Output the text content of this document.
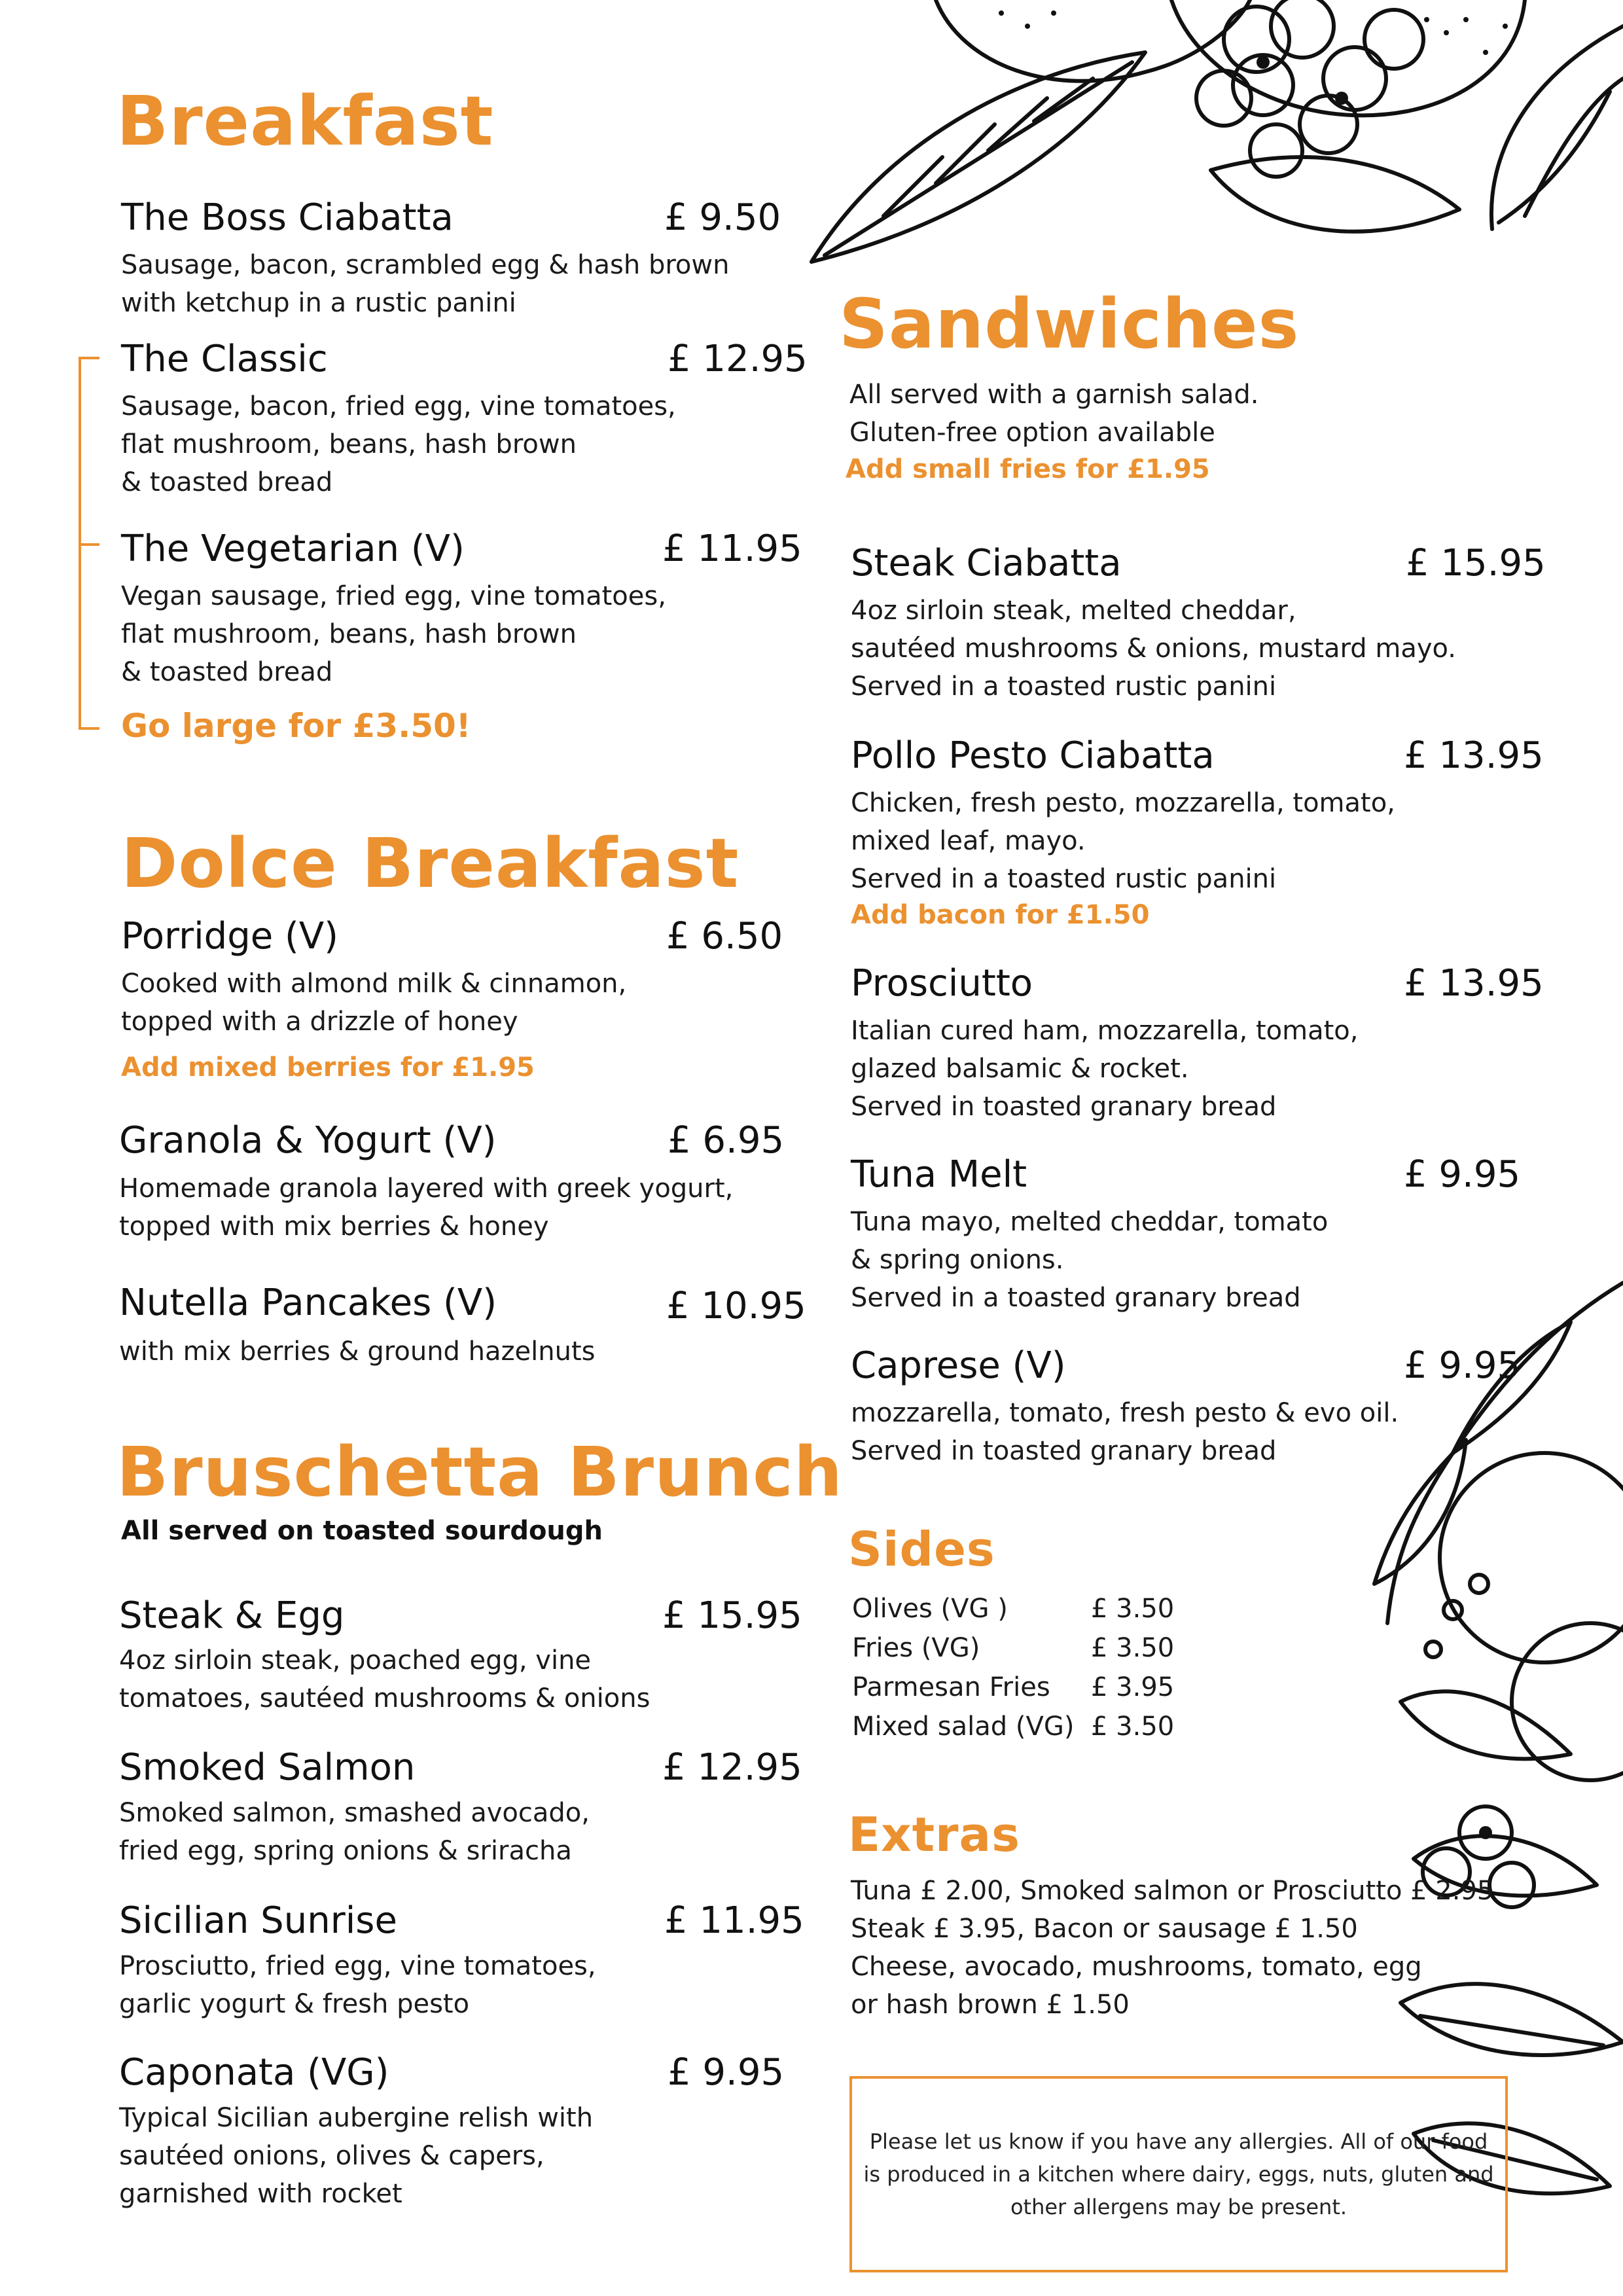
Breakfast
The Boss Ciabatta	£ 9.50
Sausage, bacon, scrambled egg & hash brown
with ketchup in a rustic panini
The Classic	£ 12.95
Sausage, bacon, fried egg, vine tomatoes,
flat mushroom, beans, hash brown
& toasted bread
The Vegetarian (V)	£ 11.95
Vegan sausage, fried egg, vine tomatoes,
flat mushroom, beans, hash brown
& toasted bread
Go large for £3.50!
Dolce Breakfast
Porridge (V)	£ 6.50
Cooked with almond milk & cinnamon,
topped with a drizzle of honey
Add mixed berries for £1.95
Granola & Yogurt (V)	£ 6.95
Homemade granola layered with greek yogurt,
topped with mix berries & honey
Nutella Pancakes (V)	£ 10.95
with mix berries & ground hazelnuts
Bruschetta Brunch
All served on toasted sourdough
Steak & Egg	£ 15.95
4oz sirloin steak, poached egg, vine
tomatoes, sautéed mushrooms & onions
Smoked Salmon	£ 12.95
Smoked salmon, smashed avocado,
fried egg, spring onions & sriracha
Sicilian Sunrise	£ 11.95
Prosciutto, fried egg, vine tomatoes,
garlic yogurt & fresh pesto
Caponata (VG)	£ 9.95
Typical Sicilian aubergine relish with
sautéed onions, olives & capers,
garnished with rocket
Sandwiches
All served with a garnish salad.
Gluten-free option available
Add small fries for £1.95
Steak Ciabatta	£ 15.95
4oz sirloin steak, melted cheddar,
sautéed mushrooms & onions, mustard mayo.
Served in a toasted rustic panini
Pollo Pesto Ciabatta	£ 13.95
Chicken, fresh pesto, mozzarella, tomato,
mixed leaf, mayo.
Served in a toasted rustic panini
Add bacon for £1.50
Prosciutto	£ 13.95
Italian cured ham, mozzarella, tomato,
glazed balsamic & rocket.
Served in toasted granary bread
Tuna Melt	£ 9.95
Tuna mayo, melted cheddar, tomato
& spring onions.
Served in a toasted granary bread
Caprese (V)	£ 9.95
mozzarella, tomato, fresh pesto & evo oil.
Served in toasted granary bread
Sides
Olives (VG )	£ 3.50
Fries (VG)	£ 3.50
Parmesan Fries	£ 3.95
Mixed salad (VG) £ 3.50
Extras
Tuna £ 2.00, Smoked salmon or Prosciutto £ 2.95
Steak £ 3.95, Bacon or sausage £ 1.50
Cheese, avocado, mushrooms, tomato, egg
or hash brown £ 1.50
Please let us know if you have any allergies. All of our food
is produced in a kitchen where dairy, eggs, nuts, gluten and
other allergens may be present.
